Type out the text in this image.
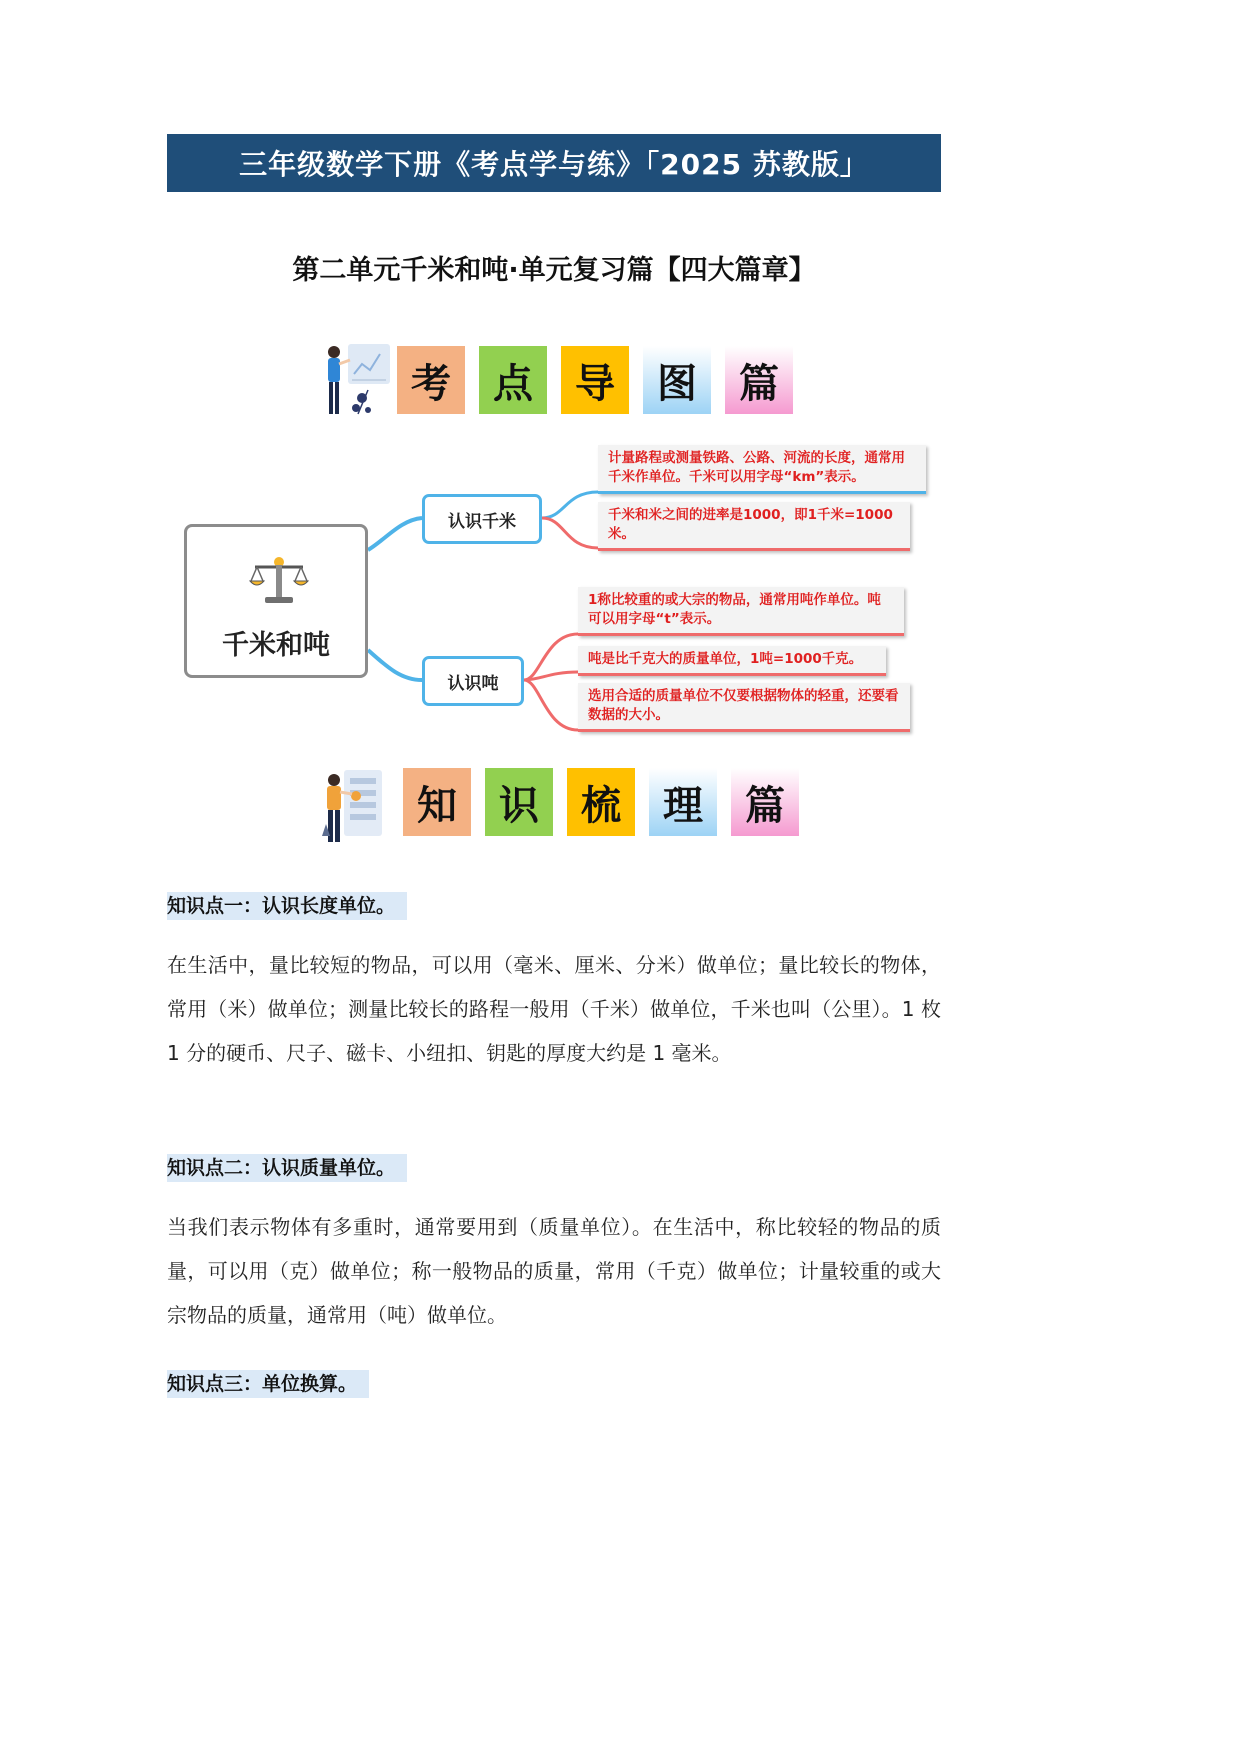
三年级数学下册《考点学与练》「2025 苏教版」
第二单元千米和吨·单元复习篇【四大篇章】
考	点	导	图	篇
千米和吨
认识千米
认识吨
计量路程或测量铁路、公路、河流的长度，通常用千米作单位。千米可以用字母“km”表示。
千米和米之间的进率是1000，即1千米=1000米。
1称比较重的或大宗的物品，通常用吨作单位。吨可以用字母“t”表示。
吨是比千克大的质量单位，1吨=1000千克。
选用合适的质量单位不仅要根据物体的轻重，还要看数据的大小。
知	识	梳	理	篇
知识点一：认识长度单位。

在生活中，量比较短的物品，可以用（毫米、厘米、分米）做单位；量比较长的物体，常用（米）做单位；测量比较长的路程一般用（千米）做单位，千米也叫（公里）。1 枚 1 分的硬币、尺子、磁卡、小纽扣、钥匙的厚度大约是 1 毫米。

知识点二：认识质量单位。

当我们表示物体有多重时，通常要用到（质量单位）。在生活中，称比较轻的物品的质量，可以用（克）做单位；称一般物品的质量，常用（千克）做单位；计量较重的或大宗物品的质量，通常用（吨）做单位。

知识点三：单位换算。
